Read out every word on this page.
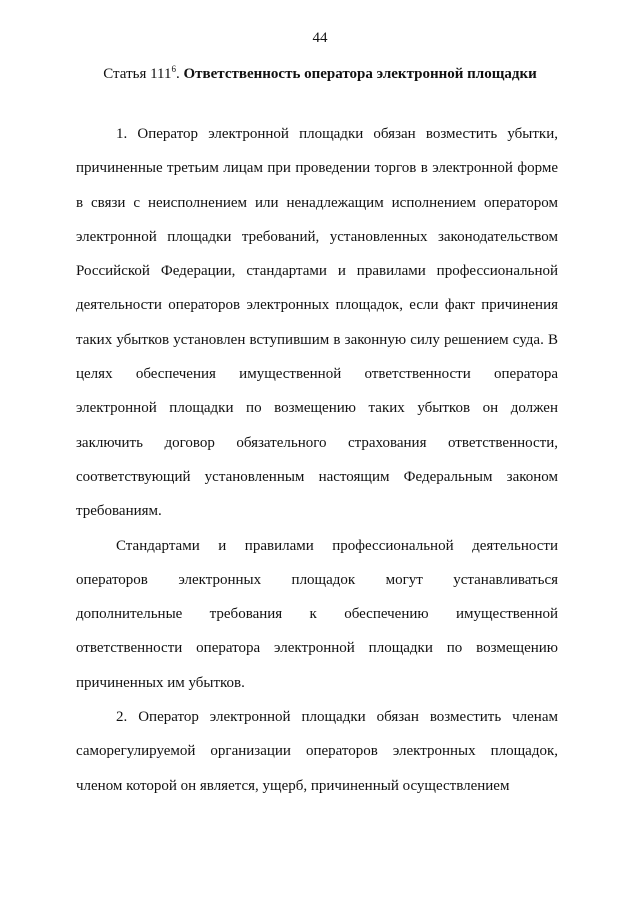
44
Статья $111^6$. Ответственность оператора электронной площадки

1. Оператор электронной площадки обязан возместить убытки, причиненные третьим лицам при проведении торгов в электронной форме в связи с неисполнением или ненадлежащим исполнением оператором электронной площадки требований, установленных законодательством Российской Федерации, стандартами и правилами профессиональной деятельности операторов электронных площадок, если факт причинения таких убытков установлен вступившим в законную силу решением суда. В целях обеспечения имущественной ответственности оператора электронной площадки по возмещению таких убытков он должен заключить договор обязательного страхования ответственности, соответствующий установленным настоящим Федеральным законом требованиям.

Стандартами и правилами профессиональной деятельности операторов электронных площадок могут устанавливаться дополнительные требования к обеспечению имущественной ответственности оператора электронной площадки по возмещению причиненных им убытков.

2. Оператор электронной площадки обязан возместить членам саморегулируемой организации операторов электронных площадок, членом которой он является, ущерб, причиненный осуществлением
